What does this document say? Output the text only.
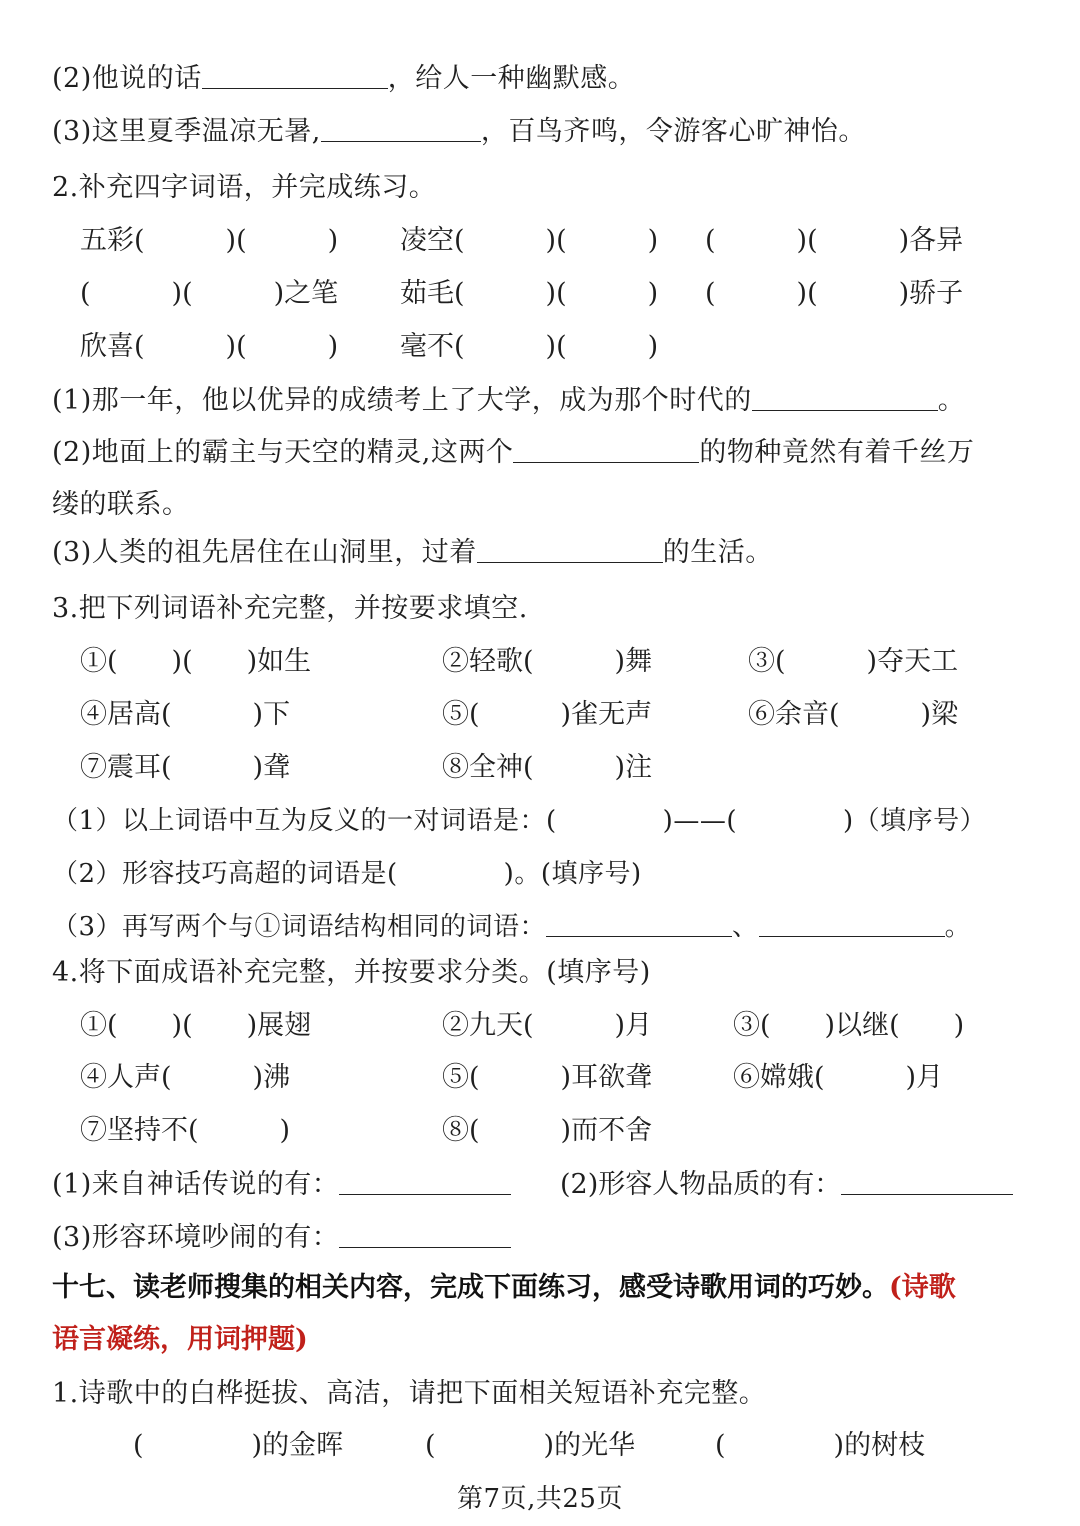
(2)他说的话	，给人一种幽默感。
(3)这里夏季温凉无暑,	，百鸟齐鸣，令游客心旷神怡。
2.补充四字词语，并完成练习。
五彩(　　　)(　　　) 凌空(　　　)(　　　) (　　　)(　　　)各异
(　　　)(　　　)之笔 茹毛(　　　)(　　　) (　　　)(　　　)骄子
欣喜(　　　)(　　　) 毫不(　　　)(　　　)
(1)那一年，他以优异的成绩考上了大学，成为那个时代的	。
(2)地面上的霸主与天空的精灵,这两个	的物种竟然有着千丝万
缕的联系。
(3)人类的祖先居住在山洞里，过着	的生活。
3.把下列词语补充完整，并按要求填空.
①(　　)(　　)如生	②轻歌(　　　)舞	③(　　　)夺天工
④居高(　　　)下	⑤(　　　)雀无声	⑥余音(　　　)梁
⑦震耳(　　　)聋	⑧全神(　　　)注
（1）以上词语中互为反义的一对词语是：(　　　　)——(　　　　)（填序号）
（2）形容技巧高超的词语是(　　　　)。(填序号)
（3）再写两个与①词语结构相同的词语：	、	。
4.将下面成语补充完整，并按要求分类。(填序号)
①(　　)(　　)展翅	②九天(　　　)月	③(　　)以继(　　)
④人声(　　　)沸	⑤(　　　)耳欲聋	⑥嫦娥(　　　)月
⑦坚持不(　　　)	⑧(　　　)而不舍
(1)来自神话传说的有：	(2)形容人物品质的有：
(3)形容环境吵闹的有：
十七、读老师搜集的相关内容，完成下面练习，感受诗歌用词的巧妙。(诗歌
语言凝练，用词押题)
1.诗歌中的白桦挺拔、高洁，请把下面相关短语补充完整。
(　　　　)的金晖	(　　　　)的光华	(　　　　)的树枝
第7页,共25页
